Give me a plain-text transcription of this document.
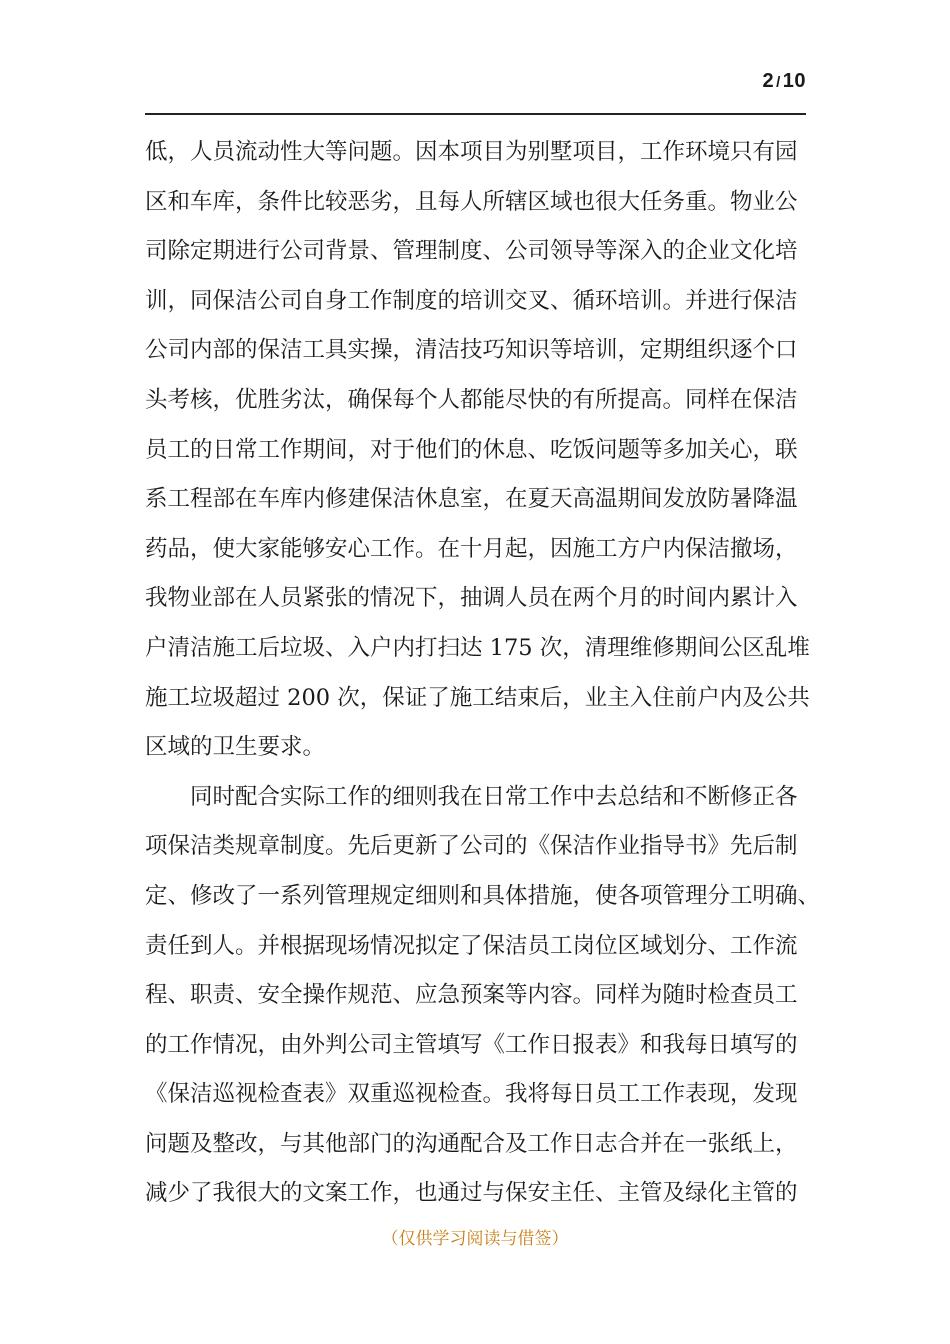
2 / 10
低，人员流动性大等问题。因本项目为别墅项目，工作环境只有园
区和车库，条件比较恶劣，且每人所辖区域也很大任务重。物业公
司除定期进行公司背景、管理制度、公司领导等深入的企业文化培
训，同保洁公司自身工作制度的培训交叉、循环培训。并进行保洁
公司内部的保洁工具实操，清洁技巧知识等培训，定期组织逐个口
头考核，优胜劣汰，确保每个人都能尽快的有所提高。同样在保洁
员工的日常工作期间，对于他们的休息、吃饭问题等多加关心，联
系工程部在车库内修建保洁休息室，在夏天高温期间发放防暑降温
药品，使大家能够安心工作。在十月起，因施工方户内保洁撤场，
我物业部在人员紧张的情况下，抽调人员在两个月的时间内累计入
户清洁施工后垃圾、入户内打扫达 175 次，清理维修期间公区乱堆
施工垃圾超过 200 次，保证了施工结束后，业主入住前户内及公共
区域的卫生要求。
同时配合实际工作的细则我在日常工作中去总结和不断修正各
项保洁类规章制度。先后更新了公司的《保洁作业指导书》先后制
定、修改了一系列管理规定细则和具体措施，使各项管理分工明确、
责任到人。并根据现场情况拟定了保洁员工岗位区域划分、工作流
程、职责、安全操作规范、应急预案等内容。同样为随时检查员工
的工作情况，由外判公司主管填写《工作日报表》和我每日填写的
《保洁巡视检查表》双重巡视检查。我将每日员工工作表现，发现
问题及整改，与其他部门的沟通配合及工作日志合并在一张纸上，
减少了我很大的文案工作，也通过与保安主任、主管及绿化主管的
（仅供学习阅读与借签）
